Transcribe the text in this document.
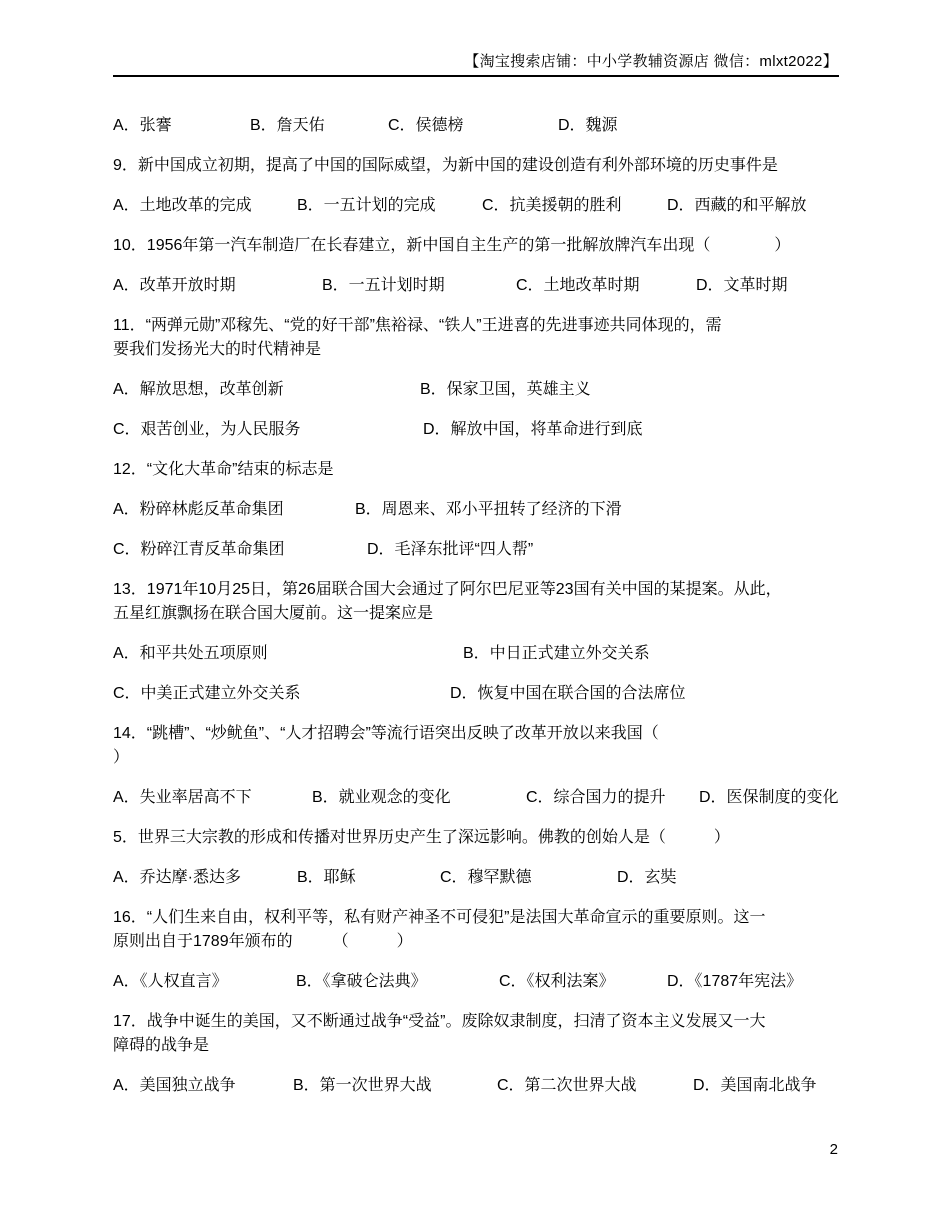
【淘宝搜索店铺：中小学教辅资源店 微信：mlxt2022】
A．张謇	B．詹天佑	C．侯德榜	D．魏源
9．新中国成立初期，提高了中国的国际威望，为新中国的建设创造有利外部环境的历史事件是
A．土地改革的完成	B．一五计划的完成	C．抗美援朝的胜利	D．西藏的和平解放
10．1956年第一汽车制造厂在长春建立，新中国自主生产的第一批解放牌汽车出现（　　　　）
A．改革开放时期	B．一五计划时期	C．土地改革时期	D．文革时期
11．“两弹元勋”邓稼先、“党的好干部”焦裕禄、“铁人”王进喜的先进事迹共同体现的，需
要我们发扬光大的时代精神是
A．解放思想，改革创新	B．保家卫国，英雄主义
C．艰苦创业，为人民服务	D．解放中国，将革命进行到底
12．“文化大革命”结束的标志是
A．粉碎林彪反革命集团	B．周恩来、邓小平扭转了经济的下滑
C．粉碎江青反革命集团	D．毛泽东批评“四人帮”
13．1971年10月25日，第26届联合国大会通过了阿尔巴尼亚等23国有关中国的某提案。从此，
五星红旗飘扬在联合国大厦前。这一提案应是
A．和平共处五项原则	B．中日正式建立外交关系
C．中美正式建立外交关系	D．恢复中国在联合国的合法席位
14．“跳槽”、“炒鱿鱼”、“人才招聘会”等流行语突出反映了改革开放以来我国（
）
A．失业率居高不下	B．就业观念的变化	C．综合国力的提升	D．医保制度的变化
5．世界三大宗教的形成和传播对世界历史产生了深远影响。佛教的创始人是（　　　）
A．乔达摩·悉达多	B．耶稣	C．穆罕默德	D．玄奘
16．“人们生来自由，权利平等，私有财产神圣不可侵犯”是法国大革命宣示的重要原则。这一
原则出自于1789年颁布的　　　（　　　）
A．《人权直言》	B．《拿破仑法典》	C．《权利法案》	D．《1787年宪法》
17．战争中诞生的美国，又不断通过战争“受益”。废除奴隶制度，扫清了资本主义发展又一大
障碍的战争是
A．美国独立战争	B．第一次世界大战	C．第二次世界大战	D．美国南北战争
2
